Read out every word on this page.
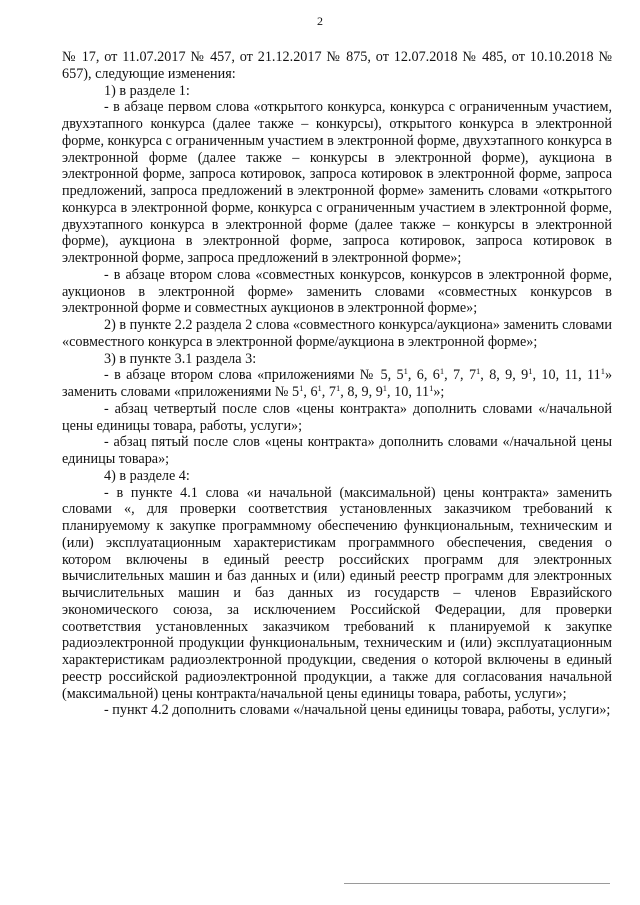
2

№ 17, от 11.07.2017 № 457, от 21.12.2017 № 875, от 12.07.2018 № 485, от 10.10.2018 № 657), следующие изменения:

1) в разделе 1:

- в абзаце первом слова «открытого конкурса, конкурса с ограниченным участием, двухэтапного конкурса (далее также – конкурсы), открытого конкурса в электронной форме, конкурса с ограниченным участием в электронной форме, двухэтапного конкурса в электронной форме (далее также – конкурсы в электронной форме), аукциона в электронной форме, запроса котировок, запроса котировок в электронной форме, запроса предложений, запроса предложений в электронной форме» заменить словами «открытого конкурса в электронной форме, конкурса с ограниченным участием в электронной форме, двухэтапного конкурса в электронной форме (далее также – конкурсы в электронной форме), аукциона в электронной форме, запроса котировок, запроса котировок в электронной форме, запроса предложений в электронной форме»;

- в абзаце втором слова «совместных конкурсов, конкурсов в электронной форме, аукционов в электронной форме» заменить словами «совместных конкурсов в электронной форме и совместных аукционов в электронной форме»;

2) в пункте 2.2 раздела 2 слова «совместного конкурса/аукциона» заменить словами «совместного конкурса в электронной форме/аукциона в электронной форме»;

3) в пункте 3.1 раздела 3:

- в абзаце втором слова «приложениями № 5, $5^1$, 6, $6^1$, 7, $7^1$, 8, 9, $9^1$, 10, 11, $11^1$» заменить словами «приложениями № $5^1$, $6^1$, $7^1$, 8, 9, $9^1$, 10, $11^1$»;

- абзац четвертый после слов «цены контракта» дополнить словами «/начальной цены единицы товара, работы, услуги»;

- абзац пятый после слов «цены контракта» дополнить словами «/начальной цены единицы товара»;

4) в разделе 4:

- в пункте 4.1 слова «и начальной (максимальной) цены контракта» заменить словами «, для проверки соответствия установленных заказчиком требований к планируемому к закупке программному обеспечению функциональным, техническим и (или) эксплуатационным характеристикам программного обеспечения, сведения о котором включены в единый реестр российских программ для электронных вычислительных машин и баз данных и (или) единый реестр программ для электронных вычислительных машин и баз данных из государств – членов Евразийского экономического союза, за исключением Российской Федерации, для проверки соответствия установленных заказчиком требований к планируемой к закупке радиоэлектронной продукции функциональным, техническим и (или) эксплуатационным характеристикам радиоэлектронной продукции, сведения о которой включены в единый реестр российской радиоэлектронной продукции, а также для согласования начальной (максимальной) цены контракта/начальной цены единицы товара, работы, услуги»;

- пункт 4.2 дополнить словами «/начальной цены единицы товара, работы, услуги»;
